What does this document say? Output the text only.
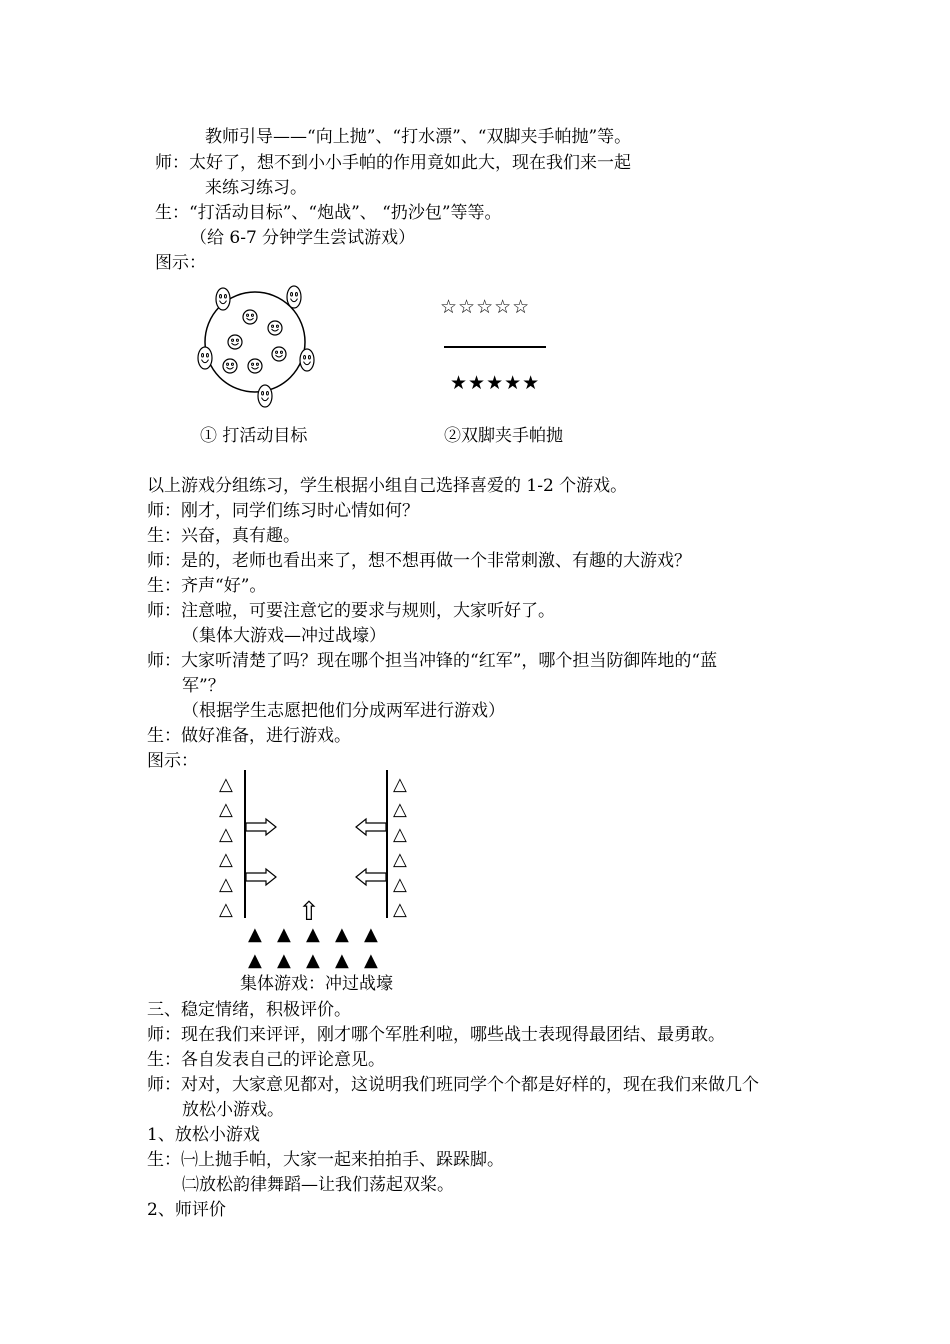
教师引导——“向上抛”、“打水漂”、“双脚夹手帕抛”等。
师：太好了，想不到小小手帕的作用竟如此大，现在我们来一起
来练习练习。
生：“打活动目标”、“炮战”、 “扔沙包”等等。
（给 6-7 分钟学生尝试游戏）
图示：
以上游戏分组练习，学生根据小组自己选择喜爱的 1-2 个游戏。
师：刚才，同学们练习时心情如何？
生：兴奋，真有趣。
师：是的，老师也看出来了，想不想再做一个非常刺激、有趣的大游戏？
生：齐声“好”。
师：注意啦，可要注意它的要求与规则，大家听好了。
（集体大游戏—冲过战壕）
师：大家听清楚了吗？现在哪个担当冲锋的“红军”，哪个担当防御阵地的“蓝
军”？
（根据学生志愿把他们分成两军进行游戏）
生：做好准备，进行游戏。
图示：
三、稳定情绪，积极评价。
师：现在我们来评评，刚才哪个军胜利啦，哪些战士表现得最团结、最勇敢。
生：各自发表自己的评论意见。
师：对对，大家意见都对，这说明我们班同学个个都是好样的，现在我们来做几个
放松小游戏。
1、放松小游戏
生：㈠上抛手帕，大家一起来拍拍手、跺跺脚。
㈡放松韵律舞蹈—让我们荡起双桨。
2、师评价
① 打活动目标
☆☆☆☆☆
★★★★★
②双脚夹手帕抛
△
△
△
△
△
△
△
△
△
△
△
△
⇧
▲ ▲ ▲ ▲ ▲
▲ ▲ ▲ ▲ ▲
集体游戏：冲过战壕
